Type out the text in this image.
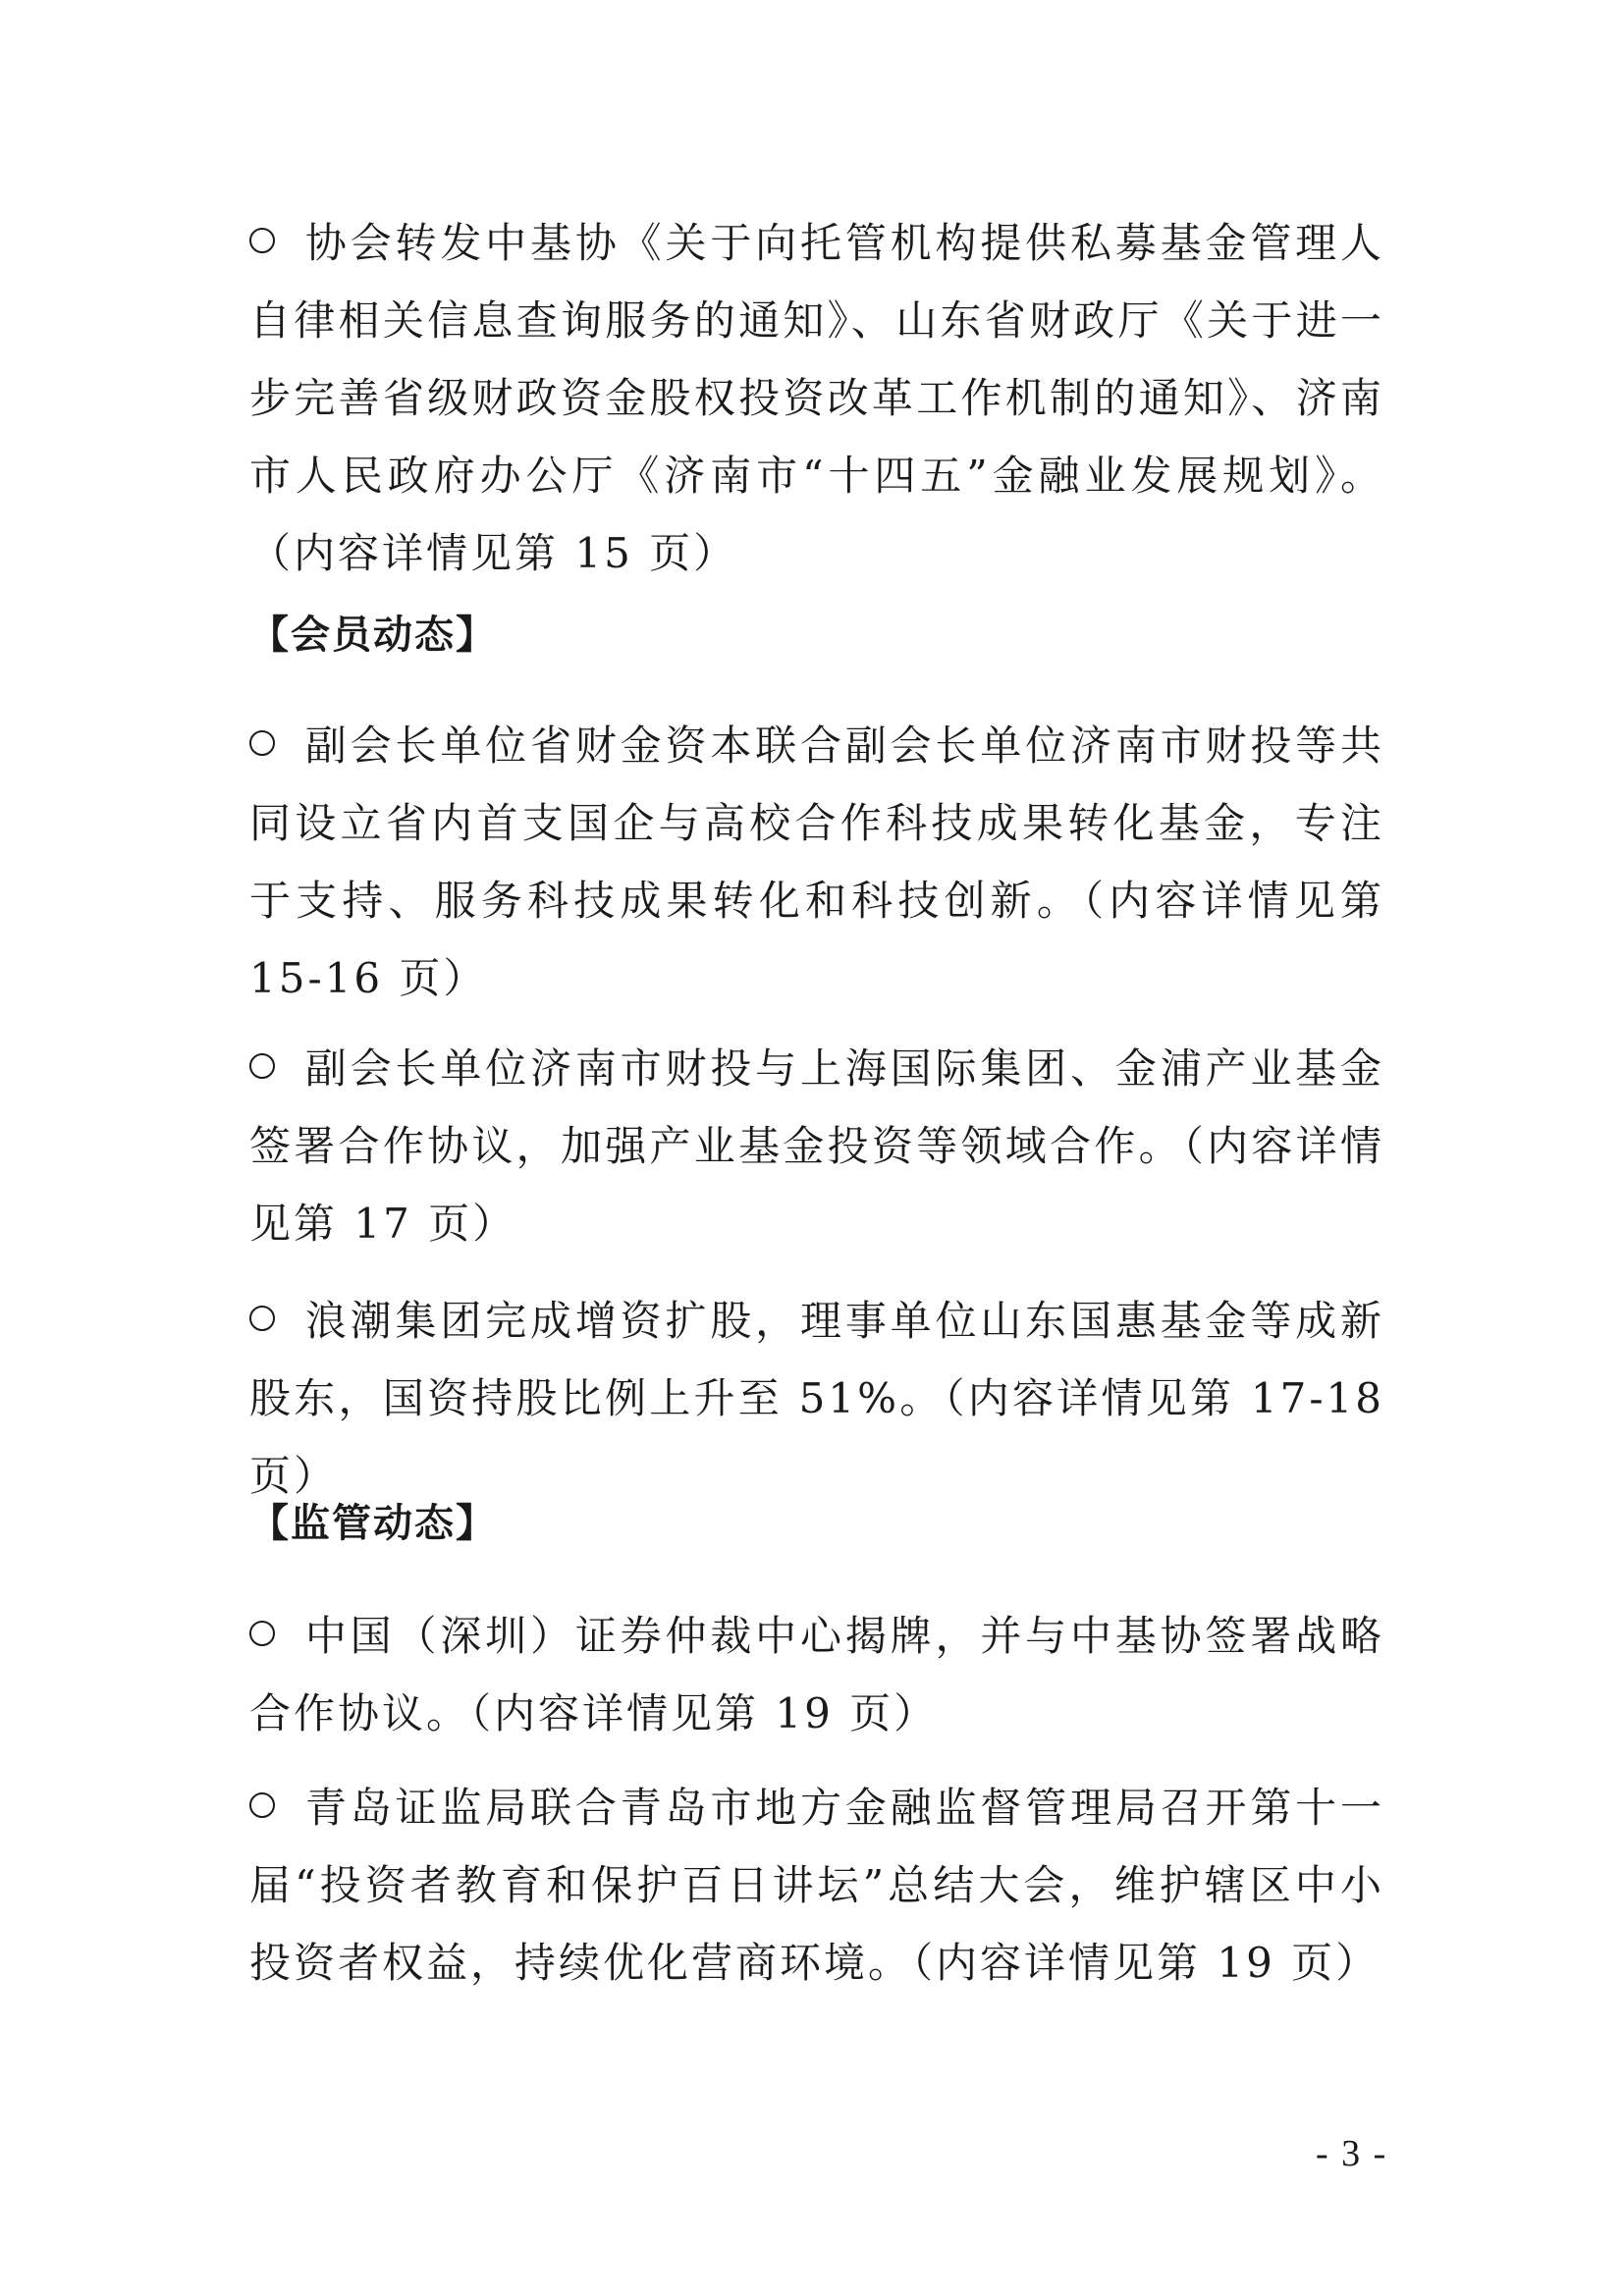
协会转发中基协《关于向托管机构提供私募基金管理人自律相关信息查询服务的通知》、山东省财政厅《关于进一步完善省级财政资金股权投资改革工作机制的通知》、济南市人民政府办公厅《济南市“十四五”金融业发展规划》。（内容详情见第 15 页）

【会员动态】

副会长单位省财金资本联合副会长单位济南市财投等共同设立省内首支国企与高校合作科技成果转化基金，专注于支持、服务科技成果转化和科技创新。（内容详情见第 15-16 页）

副会长单位济南市财投与上海国际集团、金浦产业基金签署合作协议，加强产业基金投资等领域合作。（内容详情见第 17 页）

浪潮集团完成增资扩股，理事单位山东国惠基金等成新股东，国资持股比例上升至 51%。（内容详情见第 17-18 页）

【监管动态】

中国（深圳）证券仲裁中心揭牌，并与中基协签署战略合作协议。（内容详情见第 19 页）

青岛证监局联合青岛市地方金融监督管理局召开第十一届“投资者教育和保护百日讲坛”总结大会，维护辖区中小投资者权益，持续优化营商环境。（内容详情见第 19 页）

- 3 -
